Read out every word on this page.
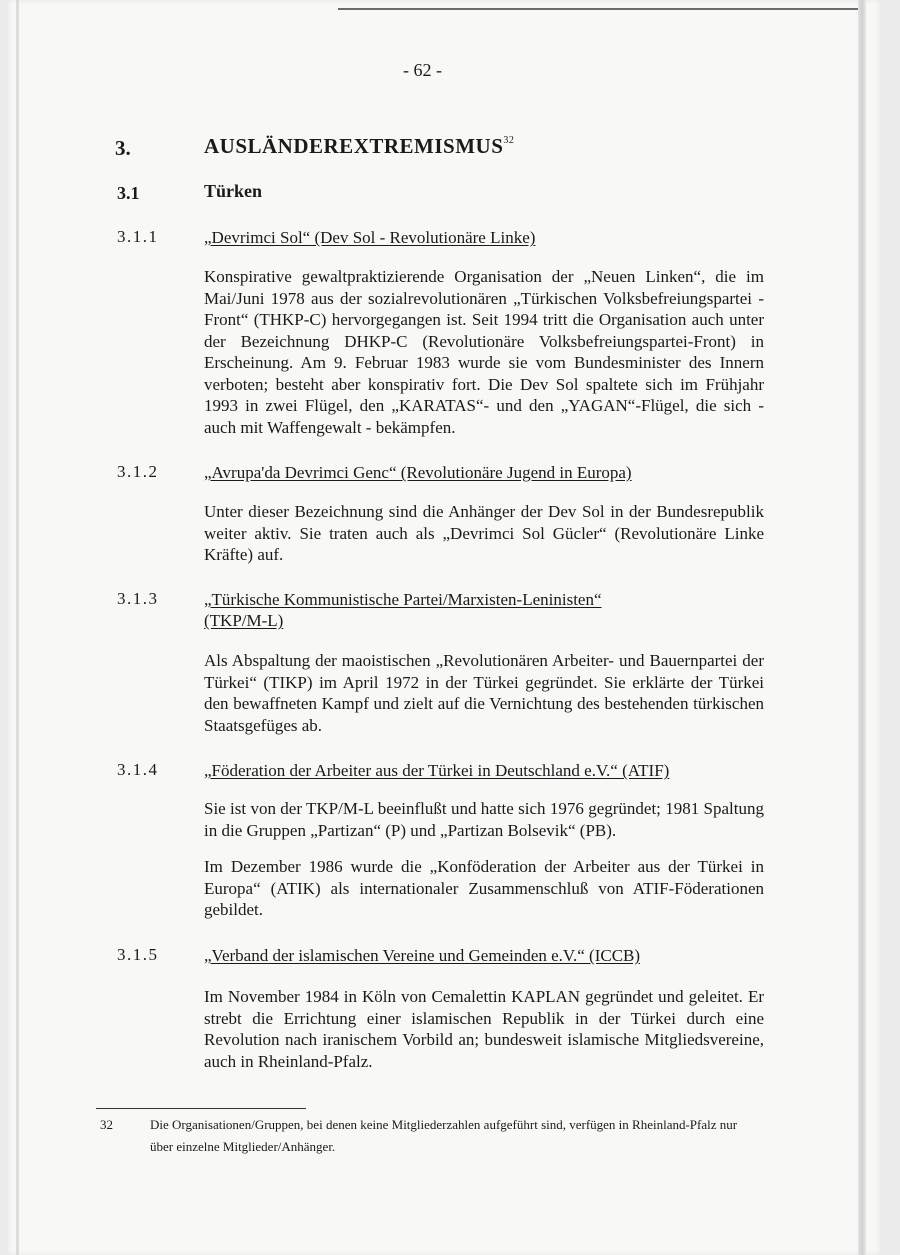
- 62 -
3.	AUSLÄNDEREXTREMISMUS$^{32}$
3.1	Türken
3.1.1	„Devrimci Sol“ (Dev Sol - Revolutionäre Linke)

Konspirative gewaltpraktizierende Organisation der „Neuen Linken“, die im Mai/Juni 1978 aus der sozialrevolutionären „Türkischen Volksbefreiungspartei - Front“ (THKP-C) hervorgegangen ist. Seit 1994 tritt die Organisation auch unter der Bezeichnung DHKP-C (Revolutionäre Volksbefreiungspartei-Front) in Erscheinung. Am 9. Februar 1983 wurde sie vom Bundesminister des Innern verboten; besteht aber konspirativ fort. Die Dev Sol spaltete sich im Frühjahr 1993 in zwei Flügel, den „KARATAS“- und den „YAGAN“-Flügel, die sich - auch mit Waffengewalt - bekämpfen.

3.1.2	„Avrupa'da Devrimci Genc“ (Revolutionäre Jugend in Europa)

Unter dieser Bezeichnung sind die Anhänger der Dev Sol in der Bundesrepublik weiter aktiv. Sie traten auch als „Devrimci Sol Gücler“ (Revolutionäre Linke Kräfte) auf.

3.1.3	„Türkische Kommunistische Partei/Marxisten-Leninisten“ (TKP/M-L)

Als Abspaltung der maoistischen „Revolutionären Arbeiter- und Bauernpartei der Türkei“ (TIKP) im April 1972 in der Türkei gegründet. Sie erklärte der Türkei den bewaffneten Kampf und zielt auf die Vernichtung des bestehenden türkischen Staatsgefüges ab.

3.1.4	„Föderation der Arbeiter aus der Türkei in Deutschland e.V.“ (ATIF)

Sie ist von der TKP/M-L beeinflußt und hatte sich 1976 gegründet; 1981 Spaltung in die Gruppen „Partizan“ (P) und „Partizan Bolsevik“ (PB).

Im Dezember 1986 wurde die „Konföderation der Arbeiter aus der Türkei in Europa“ (ATIK) als internationaler Zusammenschluß von ATIF-Föderationen gebildet.

3.1.5	„Verband der islamischen Vereine und Gemeinden e.V.“ (ICCB)

Im November 1984 in Köln von Cemalettin KAPLAN gegründet und geleitet. Er strebt die Errichtung einer islamischen Republik in der Türkei durch eine Revolution nach iranischem Vorbild an; bundesweit islamische Mitgliedsvereine, auch in Rheinland-Pfalz.

32	Die Organisationen/Gruppen, bei denen keine Mitgliederzahlen aufgeführt sind, verfügen in Rheinland-Pfalz nur über einzelne Mitglieder/Anhänger.
